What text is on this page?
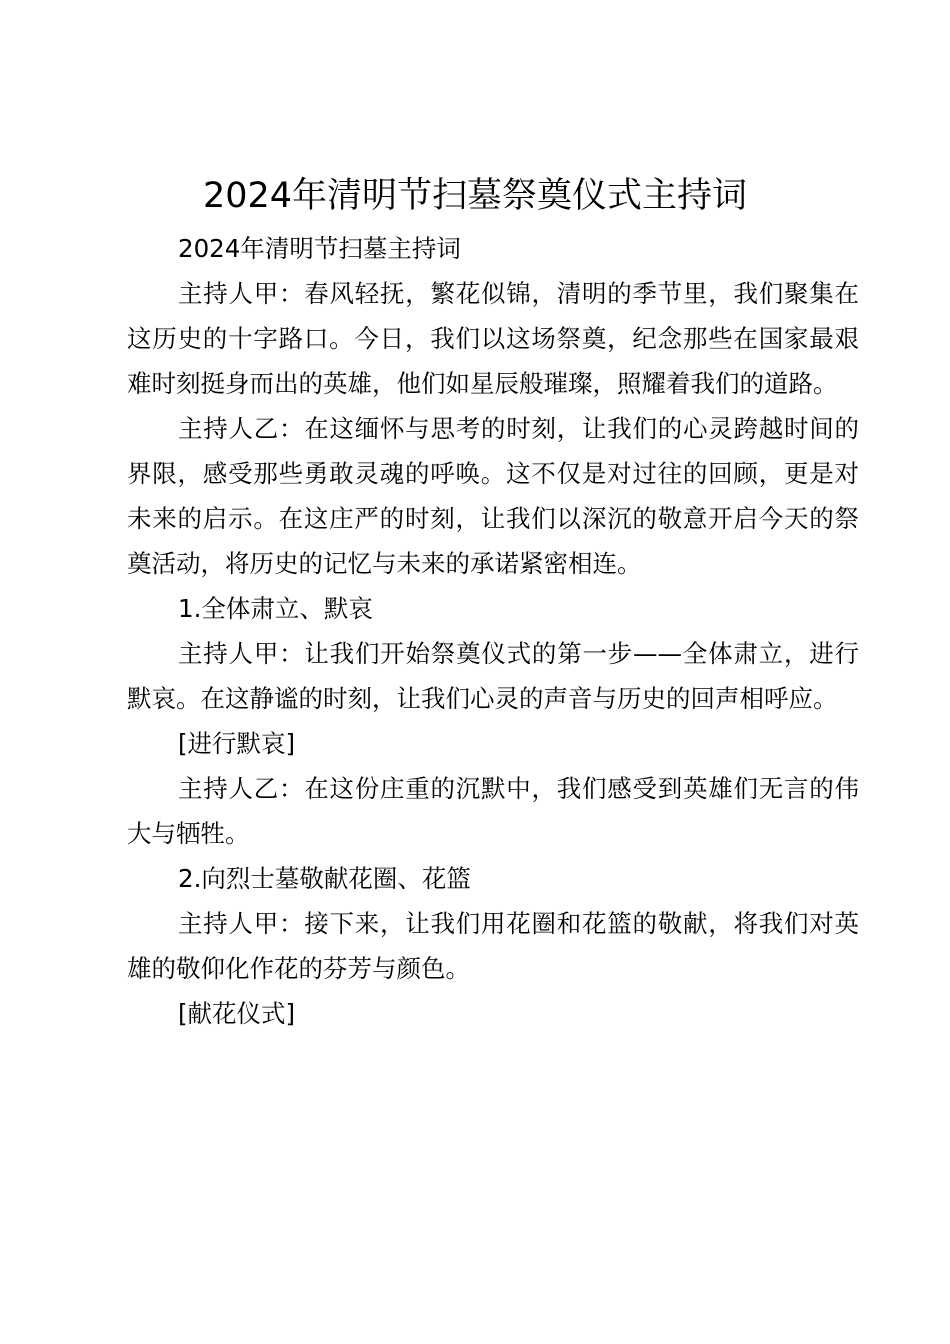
2024年清明节扫墓祭奠仪式主持词

2024年清明节扫墓主持词

主持人甲：春风轻抚，繁花似锦，清明的季节里，我们聚集在这历史的十字路口。今日，我们以这场祭奠，纪念那些在国家最艰难时刻挺身而出的英雄，他们如星辰般璀璨，照耀着我们的道路。

主持人乙：在这缅怀与思考的时刻，让我们的心灵跨越时间的界限，感受那些勇敢灵魂的呼唤。这不仅是对过往的回顾，更是对未来的启示。在这庄严的时刻，让我们以深沉的敬意开启今天的祭奠活动，将历史的记忆与未来的承诺紧密相连。

1.全体肃立、默哀

主持人甲：让我们开始祭奠仪式的第一步——全体肃立，进行默哀。在这静谧的时刻，让我们心灵的声音与历史的回声相呼应。

[进行默哀]

主持人乙：在这份庄重的沉默中，我们感受到英雄们无言的伟大与牺牲。

2.向烈士墓敬献花圈、花篮

主持人甲：接下来，让我们用花圈和花篮的敬献，将我们对英雄的敬仰化作花的芬芳与颜色。

[献花仪式]
